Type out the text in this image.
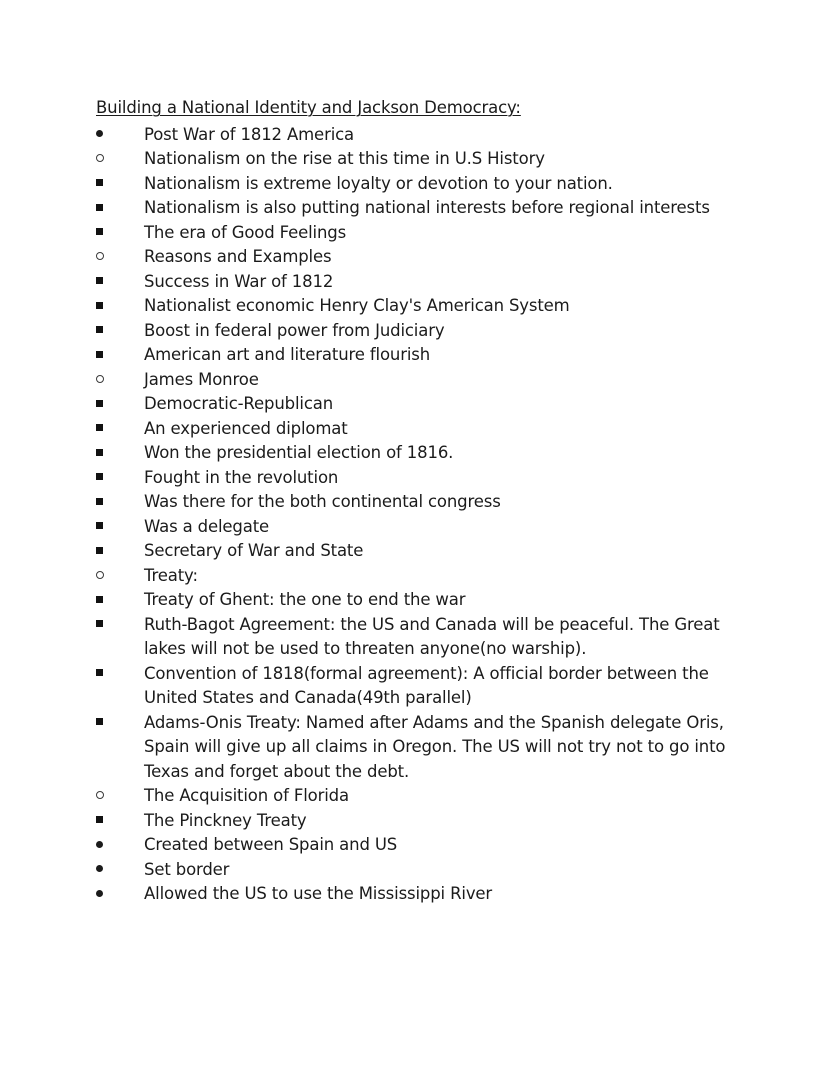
Building a National Identity and Jackson Democracy:
Post War of 1812 America
Nationalism on the rise at this time in U.S History
Nationalism is extreme loyalty or devotion to your nation.
Nationalism is also putting national interests before regional interests
The era of Good Feelings
Reasons and Examples
Success in War of 1812
Nationalist economic Henry Clay's American System
Boost in federal power from Judiciary
American art and literature flourish
James Monroe
Democratic-Republican
An experienced diplomat
Won the presidential election of 1816.
Fought in the revolution
Was there for the both continental congress
Was a delegate
Secretary of War and State
Treaty:
Treaty of Ghent: the one to end the war
Ruth-Bagot Agreement: the US and Canada will be peaceful. The Great lakes will not be used to threaten anyone(no warship).
Convention of 1818(formal agreement): A official border between the United States and Canada(49th parallel)
Adams-Onis Treaty: Named after Adams and the Spanish delegate Oris, Spain will give up all claims in Oregon. The US will not try not to go into Texas and forget about the debt.
The Acquisition of Florida
The Pinckney Treaty
Created between Spain and US
Set border
Allowed the US to use the Mississippi River
